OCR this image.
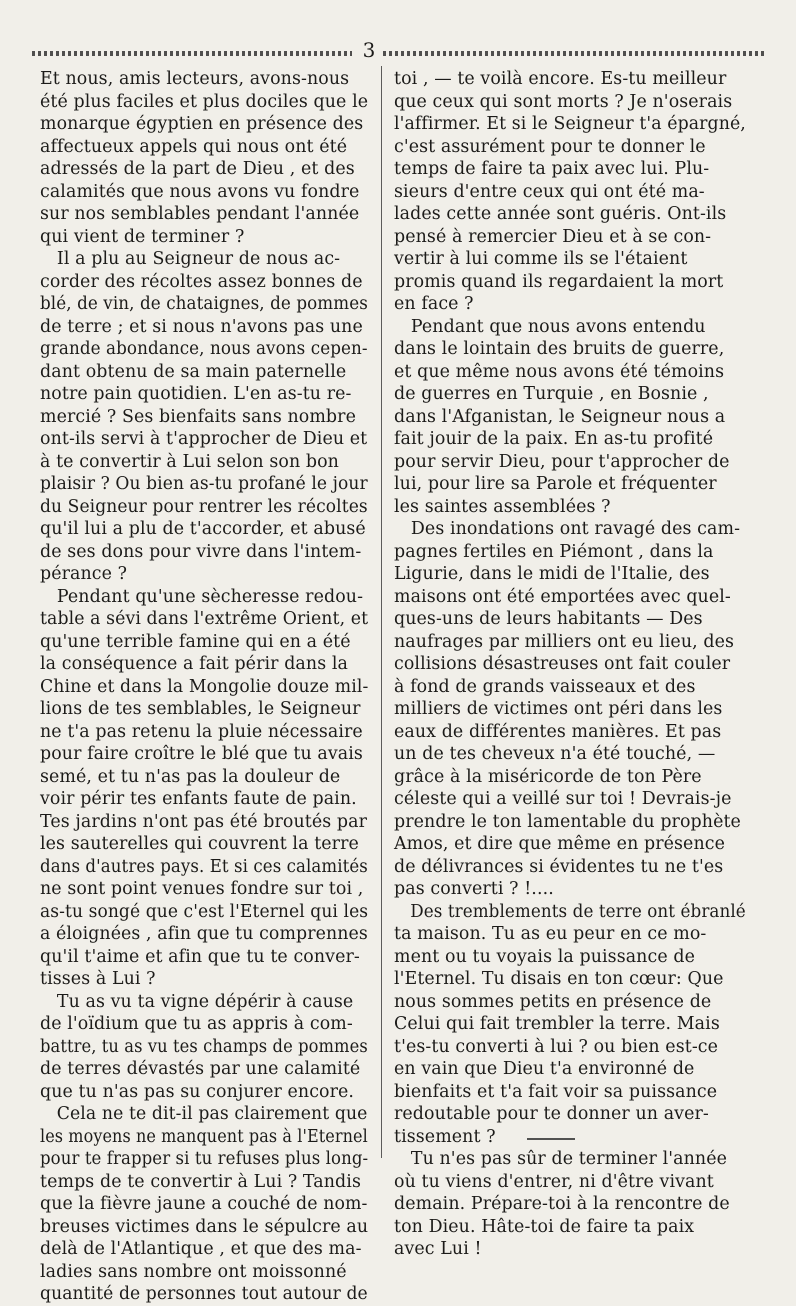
3
Et nous, amis lecteurs, avons-nous
été plus faciles et plus dociles que le
monarque égyptien en présence des
affectueux appels qui nous ont été
adressés de la part de Dieu , et des
calamités que nous avons vu fondre
sur nos semblables pendant l'année
qui vient de terminer ?
Il a plu au Seigneur de nous ac-
corder des récoltes assez bonnes de
blé, de vin, de chataignes, de pommes
de terre ; et si nous n'avons pas une
grande abondance, nous avons cepen-
dant obtenu de sa main paternelle
notre pain quotidien. L'en as-tu re-
mercié ? Ses bienfaits sans nombre
ont-ils servi à t'approcher de Dieu et
à te convertir à Lui selon son bon
plaisir ? Ou bien as-tu profané le jour
du Seigneur pour rentrer les récoltes
qu'il lui a plu de t'accorder, et abusé
de ses dons pour vivre dans l'intem-
pérance ?
Pendant qu'une sècheresse redou-
table a sévi dans l'extrême Orient, et
qu'une terrible famine qui en a été
la conséquence a fait périr dans la
Chine et dans la Mongolie douze mil-
lions de tes semblables, le Seigneur
ne t'a pas retenu la pluie nécessaire
pour faire croître le blé que tu avais
semé, et tu n'as pas la douleur de
voir périr tes enfants faute de pain.
Tes jardins n'ont pas été broutés par
les sauterelles qui couvrent la terre
dans d'autres pays. Et si ces calamités
ne sont point venues fondre sur toi ,
as-tu songé que c'est l'Eternel qui les
a éloignées , afin que tu comprennes
qu'il t'aime et afin que tu te conver-
tisses à Lui ?
Tu as vu ta vigne dépérir à cause
de l'oïdium que tu as appris à com-
battre, tu as vu tes champs de pommes
de terres dévastés par une calamité
que tu n'as pas su conjurer encore.
Cela ne te dit-il pas clairement que
les moyens ne manquent pas à l'Eternel
pour te frapper si tu refuses plus long-
temps de te convertir à Lui ? Tandis
que la fièvre jaune a couché de nom-
breuses victimes dans le sépulcre au
delà de l'Atlantique , et que des ma-
ladies sans nombre ont moissonné
quantité de personnes tout autour de
toi , — te voilà encore. Es-tu meilleur
que ceux qui sont morts ? Je n'oserais
l'affirmer. Et si le Seigneur t'a épargné,
c'est assurément pour te donner le
temps de faire ta paix avec lui. Plu-
sieurs d'entre ceux qui ont été ma-
lades cette année sont guéris. Ont-ils
pensé à remercier Dieu et à se con-
vertir à lui comme ils se l'étaient
promis quand ils regardaient la mort
en face ?
Pendant que nous avons entendu
dans le lointain des bruits de guerre,
et que même nous avons été témoins
de guerres en Turquie , en Bosnie ,
dans l'Afganistan, le Seigneur nous a
fait jouir de la paix. En as-tu profité
pour servir Dieu, pour t'approcher de
lui, pour lire sa Parole et fréquenter
les saintes assemblées ?
Des inondations ont ravagé des cam-
pagnes fertiles en Piémont , dans la
Ligurie, dans le midi de l'Italie, des
maisons ont été emportées avec quel-
ques-uns de leurs habitants — Des
naufrages par milliers ont eu lieu, des
collisions désastreuses ont fait couler
à fond de grands vaisseaux et des
milliers de victimes ont péri dans les
eaux de différentes manières. Et pas
un de tes cheveux n'a été touché, —
grâce à la miséricorde de ton Père
céleste qui a veillé sur toi ! Devrais-je
prendre le ton lamentable du prophète
Amos, et dire que même en présence
de délivrances si évidentes tu ne t'es
pas converti ? !....
Des tremblements de terre ont ébranlé
ta maison. Tu as eu peur en ce mo-
ment ou tu voyais la puissance de
l'Eternel. Tu disais en ton cœur: Que
nous sommes petits en présence de
Celui qui fait trembler la terre. Mais
t'es-tu converti à lui ? ou bien est-ce
en vain que Dieu t'a environné de
bienfaits et t'a fait voir sa puissance
redoutable pour te donner un aver-
tissement ?
Tu n'es pas sûr de terminer l'année
où tu viens d'entrer, ni d'être vivant
demain. Prépare-toi à la rencontre de
ton Dieu. Hâte-toi de faire ta paix
avec Lui !
